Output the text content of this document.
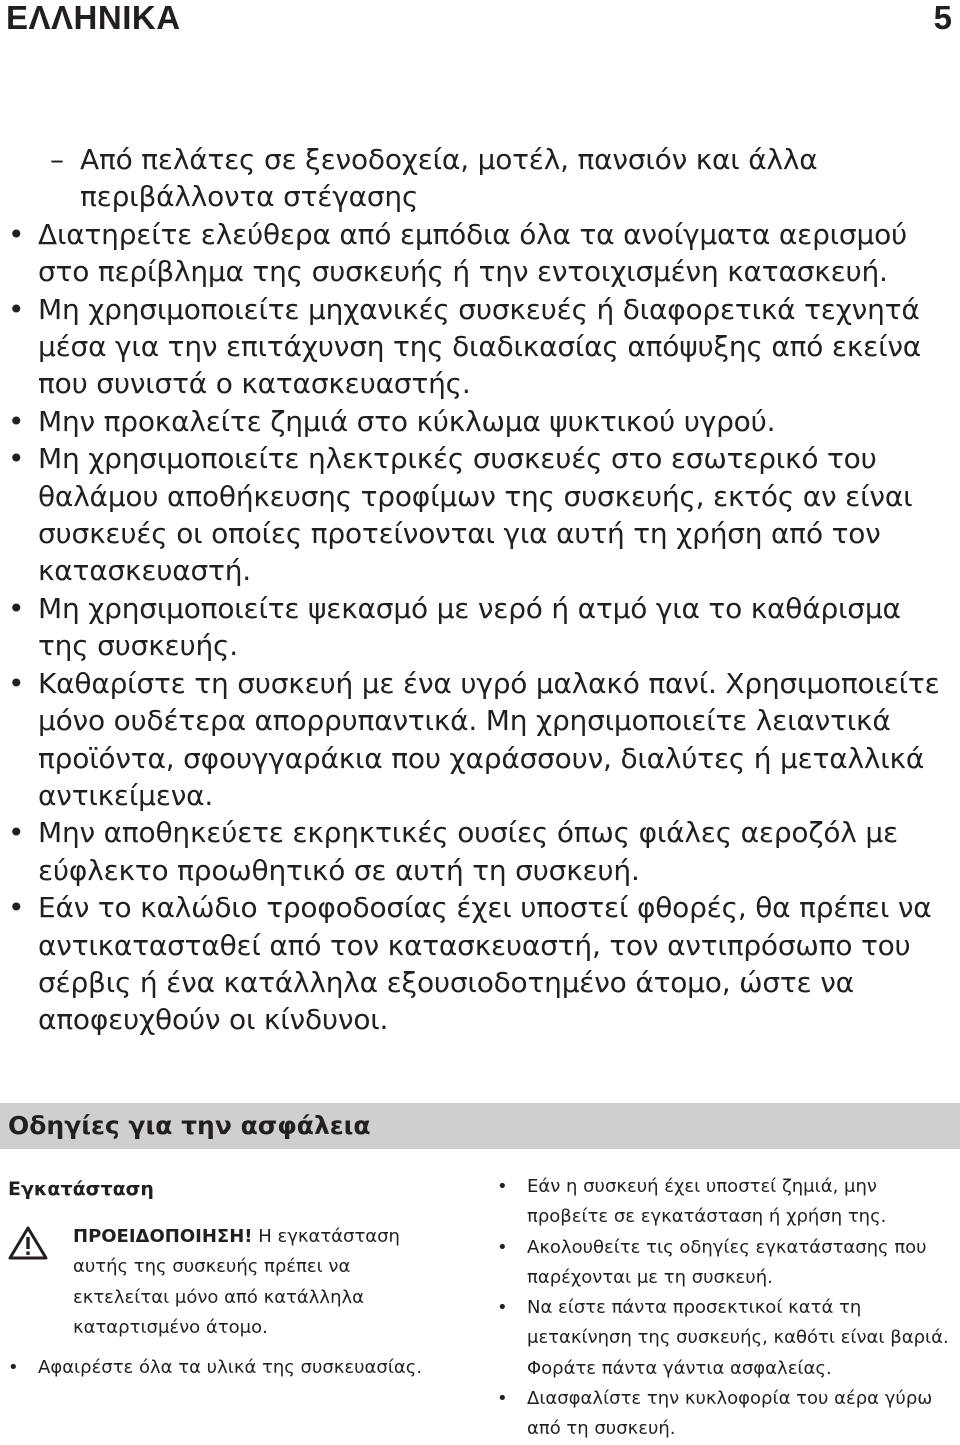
ΕΛΛΗΝΙΚΑ	5
– Από πελάτες σε ξενοδοχεία, μοτέλ, πανσιόν και άλλα περιβάλλοντα στέγασης
• Διατηρείτε ελεύθερα από εμπόδια όλα τα ανοίγματα αερισμού στο περίβλημα της συσκευής ή την εντοιχισμένη κατασκευή.
• Μη χρησιμοποιείτε μηχανικές συσκευές ή διαφορετικά τεχνητά μέσα για την επιτάχυνση της διαδικασίας απόψυξης από εκείνα που συνιστά ο κατασκευαστής.
• Μην προκαλείτε ζημιά στο κύκλωμα ψυκτικού υγρού.
• Μη χρησιμοποιείτε ηλεκτρικές συσκευές στο εσωτερικό του θαλάμου αποθήκευσης τροφίμων της συσκευής, εκτός αν είναι συσκευές οι οποίες προτείνονται για αυτή τη χρήση από τον κατασκευαστή.
• Μη χρησιμοποιείτε ψεκασμό με νερό ή ατμό για το καθάρισμα της συσκευής.
• Καθαρίστε τη συσκευή με ένα υγρό μαλακό πανί. Χρησιμοποιείτε μόνο ουδέτερα απορρυπαντικά. Μη χρησιμοποιείτε λειαντικά προϊόντα, σφουγγαράκια που χαράσσουν, διαλύτες ή μεταλλικά αντικείμενα.
• Μην αποθηκεύετε εκρηκτικές ουσίες όπως φιάλες αεροζόλ με εύφλεκτο προωθητικό σε αυτή τη συσκευή.
• Εάν το καλώδιο τροφοδοσίας έχει υποστεί φθορές, θα πρέπει να αντικατασταθεί από τον κατασκευαστή, τον αντιπρόσωπο του σέρβις ή ένα κατάλληλα εξουσιοδοτημένο άτομο, ώστε να αποφευχθούν οι κίνδυνοι.
Οδηγίες για την ασφάλεια
Εγκατάσταση
ΠΡΟΕΙΔΟΠΟΙΗΣΗ! Η εγκατάσταση αυτής της συσκευής πρέπει να εκτελείται μόνο από κατάλληλα καταρτισμένο άτομο.
• Αφαιρέστε όλα τα υλικά της συσκευασίας.
• Εάν η συσκευή έχει υποστεί ζημιά, μην προβείτε σε εγκατάσταση ή χρήση της.
• Ακολουθείτε τις οδηγίες εγκατάστασης που παρέχονται με τη συσκευή.
• Να είστε πάντα προσεκτικοί κατά τη μετακίνηση της συσκευής, καθότι είναι βαριά. Φοράτε πάντα γάντια ασφαλείας.
• Διασφαλίστε την κυκλοφορία του αέρα γύρω από τη συσκευή.
